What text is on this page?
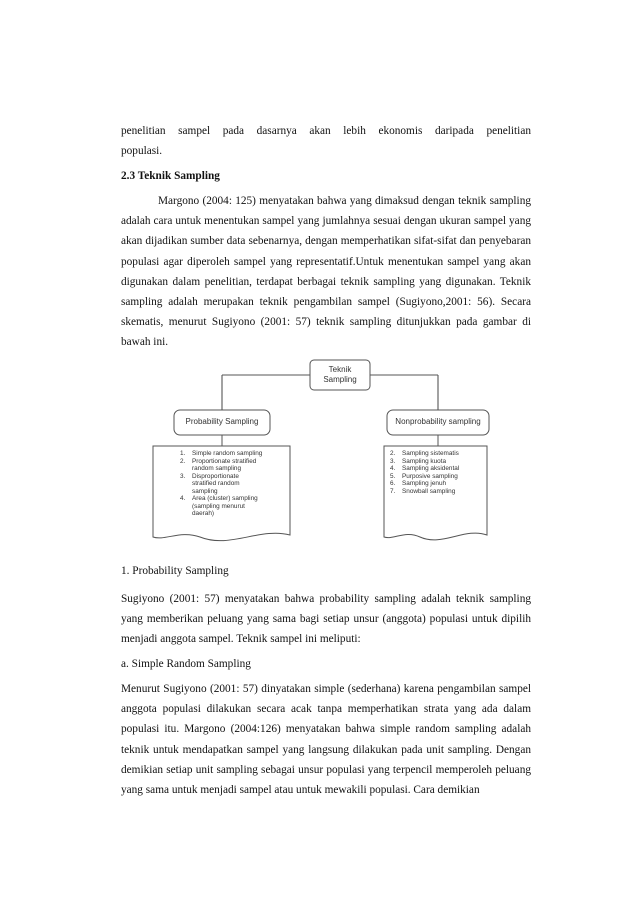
penelitian sampel pada dasarnya akan lebih ekonomis daripada penelitian

populasi.

2.3 Teknik Sampling
Margono (2004: 125) menyatakan bahwa yang dimaksud dengan teknik sampling adalah cara untuk menentukan sampel yang jumlahnya sesuai dengan ukuran sampel yang akan dijadikan sumber data sebenarnya, dengan memperhatikan sifat-sifat dan penyebaran populasi agar diperoleh sampel yang representatif.Untuk menentukan sampel yang akan digunakan dalam penelitian, terdapat berbagai teknik sampling yang digunakan. Teknik sampling adalah merupakan teknik pengambilan sampel (Sugiyono,2001: 56). Secara skematis, menurut Sugiyono (2001: 57) teknik sampling ditunjukkan pada gambar di bawah ini.
Teknik
Sampling
Probability Sampling	Nonprobability sampling
1. Simple random sampling
2. Proportionate stratified
random sampling
3. Disproportionate
stratified random
sampling
4. Area (cluster) sampling
(sampling menurut
daerah)
2. Sampling sistematis
3. Sampling kuota
4. Sampling aksidental
5. Purposive sampling
6. Sampling jenuh
7. Snowball sampling
1. Probability Sampling
Sugiyono (2001: 57) menyatakan bahwa probability sampling adalah teknik sampling yang memberikan peluang yang sama bagi setiap unsur (anggota) populasi untuk dipilih menjadi anggota sampel. Teknik sampel ini meliputi:
a. Simple Random Sampling
Menurut Sugiyono (2001: 57) dinyatakan simple (sederhana) karena pengambilan sampel anggota populasi dilakukan secara acak tanpa memperhatikan strata yang ada dalam populasi itu. Margono (2004:126) menyatakan bahwa simple random sampling adalah teknik untuk mendapatkan sampel yang langsung dilakukan pada unit sampling. Dengan demikian setiap unit sampling sebagai unsur populasi yang terpencil memperoleh peluang yang sama untuk menjadi sampel atau untuk mewakili populasi. Cara demikian
